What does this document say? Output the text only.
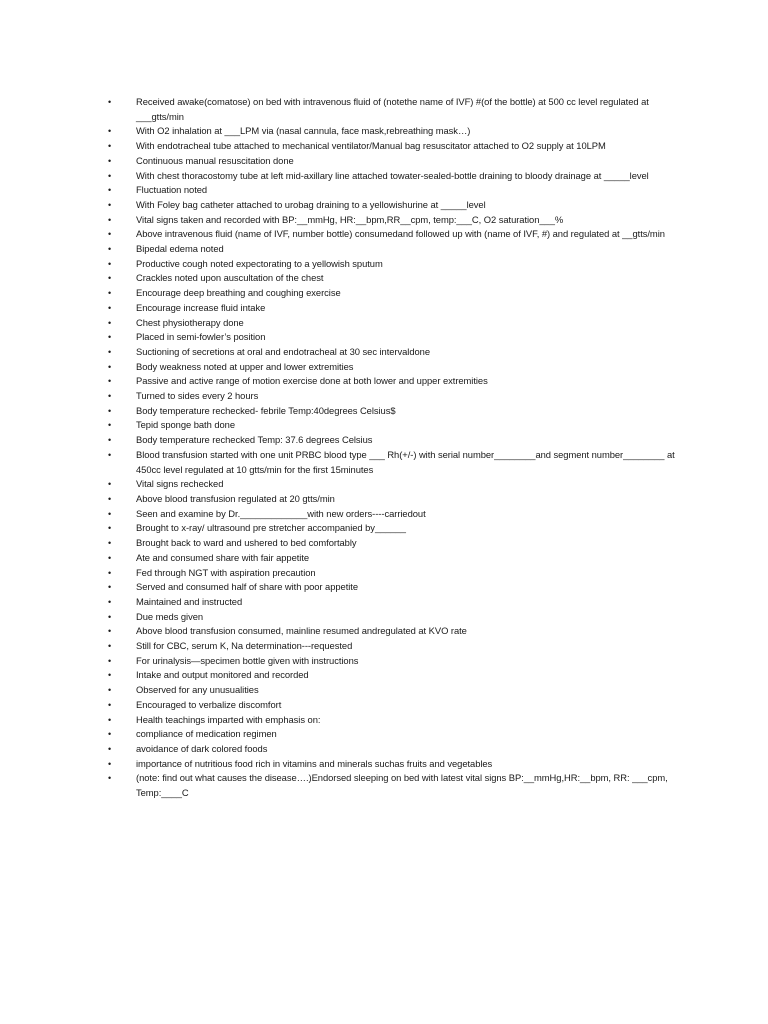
•	Received awake(comatose) on bed with intravenous fluid of (notethe name of IVF) #(of the bottle) at 500 cc level regulated at ___gtts/min
•	With O2 inhalation at ___LPM via (nasal cannula, face mask,rebreathing mask…)
•	With endotracheal tube attached to mechanical ventilator/Manual bag resuscitator attached to O2 supply at 10LPM
•	Continuous manual resuscitation done
•	With chest thoracostomy tube at left mid-axillary line attached towater-sealed-bottle draining to bloody drainage at _____level
•	Fluctuation noted
•	With Foley bag catheter attached to urobag draining to a yellowishurine at _____level
•	Vital signs taken and recorded with BP:__mmHg, HR:__bpm,RR__cpm, temp:___C, O2 saturation___%
•	Above intravenous fluid (name of IVF, number bottle) consumedand followed up with (name of IVF, #) and regulated at __gtts/min
•	Bipedal edema noted
•	Productive cough noted expectorating to a yellowish sputum
•	Crackles noted upon auscultation of the chest
•	Encourage deep breathing and coughing exercise
•	Encourage increase fluid intake
•	Chest physiotherapy done
•	Placed in semi-fowler’s position
•	Suctioning of secretions at oral and endotracheal at 30 sec intervaldone
•	Body weakness noted at upper and lower extremities
•	Passive and active range of motion exercise done at both lower and upper extremities
•	Turned to sides every 2 hours
•	Body temperature rechecked- febrile Temp:40degrees Celsius$
•	Tepid sponge bath done
•	Body temperature rechecked Temp: 37.6 degrees Celsius
•	Blood transfusion started with one unit PRBC blood type ___ Rh(+/-) with serial number________and segment number________ at 450cc level regulated at 10 gtts/min for the first 15minutes
•	Vital signs rechecked
•	Above blood transfusion regulated at 20 gtts/min
•	Seen and examine by Dr._____________with new orders----carriedout
•	Brought to x-ray/ ultrasound pre stretcher accompanied by______
•	Brought back to ward and ushered to bed comfortably
•	Ate and consumed share with fair appetite
•	Fed through NGT with aspiration precaution
•	Served and consumed half of share with poor appetite
•	Maintained and instructed
•	Due meds given
•	Above blood transfusion consumed, mainline resumed andregulated at KVO rate
•	Still for CBC, serum K, Na determination---requested
•	For urinalysis—specimen bottle given with instructions
•	Intake and output monitored and recorded
•	Observed for any unusualities
•	Encouraged to verbalize discomfort
•	Health teachings imparted with emphasis on:
•	compliance of medication regimen
•	avoidance of dark colored foods
•	importance of nutritious food rich in vitamins and minerals suchas fruits and vegetables
•	(note: find out what causes the disease….)Endorsed sleeping on bed with latest vital signs BP:__mmHg,HR:__bpm, RR: ___cpm, Temp:____C
